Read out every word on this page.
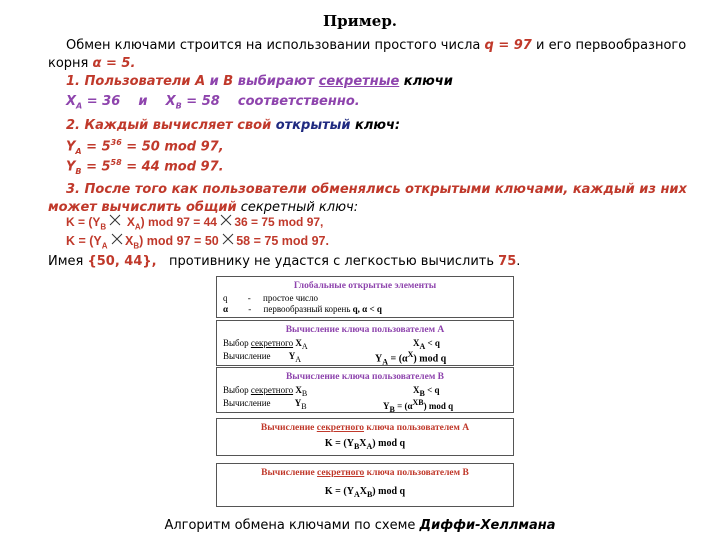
Пример.
Обмен ключами строится на использовании простого числа q = 97 и его первообразного
корня α = 5.
1. Пользователи A и B выбирают секретные ключи
$X_A = 36$ и $X_B = 58$ соответственно.
2. Каждый вычисляет свой открытый ключ:
$Y_A = 5^{36} = 50$ mod 97,
$Y_B = 5^{58} = 44$ mod 97.
3. После того как пользователи обменялись открытыми ключами, каждый из них
может вычислить общий секретный ключ:
$K = (Y_B$ $X_A$) mod 97 = 44 36 = 75 mod 97,
$K = (Y_A$ $X_B$) mod 97 = 50 58 = 75 mod 97.
Имея {50, 44}, противнику не удастся с легкостью вычислить 75.
Глобальные открытые элементы
q - простое число
α - первообразный корень q, α < q
Вычисление ключа пользователем А
Выбор секретного $X_A$	$X_A < q$
Вычисление $Y_A$	$Y_A = (\alpha^X)$ mod q
Вычисление ключа пользователем В
Выбор секретного $X_B$	$X_B < q$
Вычисление	$Y_B$	$Y_B = (\alpha^{XB})$ mod q
Вычисление секретного ключа пользователем А
$K = (Y_BX_A)$ mod q
Вычисление секретного ключа пользователем В
$K = (Y_AX_B)$ mod q
Алгоритм обмена ключами по схеме Диффи-Хеллмана
